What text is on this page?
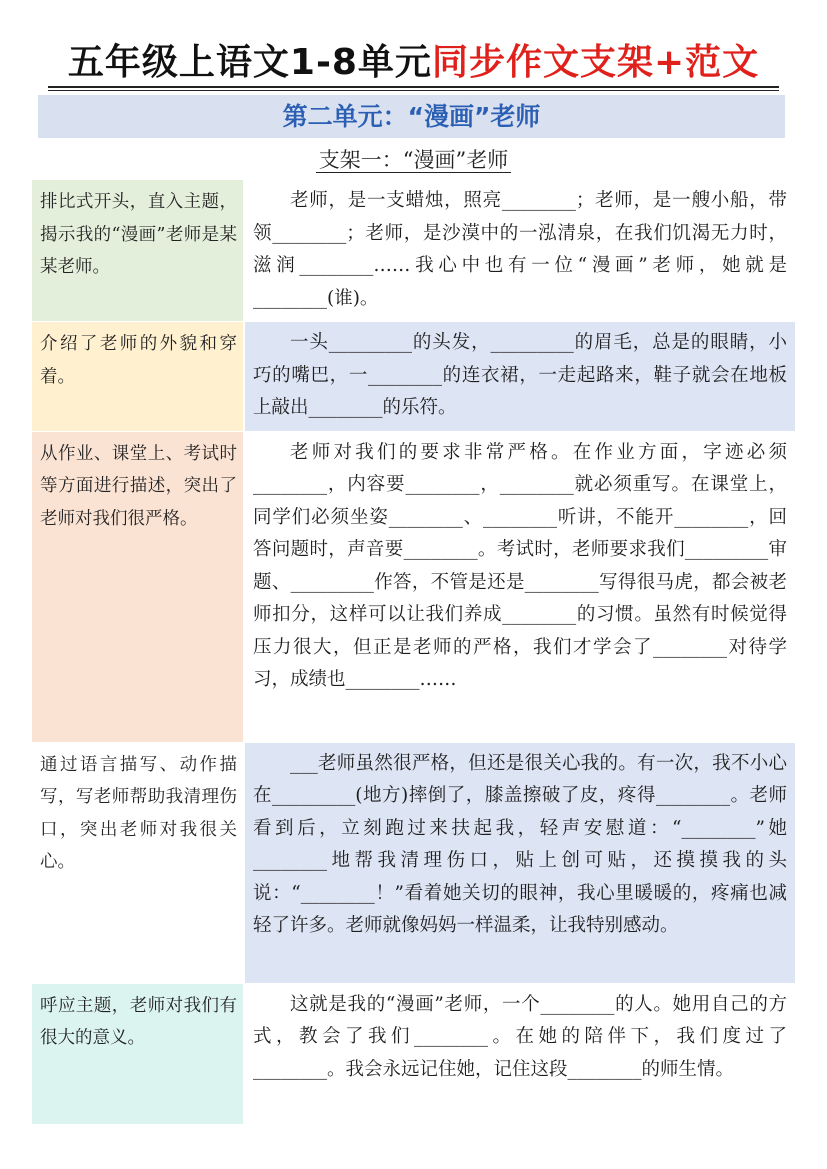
五年级上语文1-8单元同步作文支架+范文
第二单元：“漫画”老师
支架一：“漫画”老师
排比式开头，直入主题，揭示我的“漫画”老师是某某老师。	老师，是一支蜡烛，照亮________；老师，是一艘小船，带领________；老师，是沙漠中的一泓清泉，在我们饥渴无力时，滋润________……我心中也有一位“漫画”老师，她就是________(谁)。
介绍了老师的外貌和穿着。	一头_________的头发，_________的眉毛，总是的眼睛，小巧的嘴巴，一________的连衣裙，一走起路来，鞋子就会在地板上敲出________的乐符。
从作业、课堂上、考试时等方面进行描述，突出了老师对我们很严格。	老师对我们的要求非常严格。在作业方面，字迹必须________，内容要________，________就必须重写。在课堂上，同学们必须坐姿________、________听讲，不能开________，回答问题时，声音要________。考试时，老师要求我们_________审题、_________作答，不管是还是________写得很马虎，都会被老师扣分，这样可以让我们养成________的习惯。虽然有时候觉得压力很大，但正是老师的严格，我们才学会了________对待学习，成绩也________……
通过语言描写、动作描写，写老师帮助我清理伤口，突出老师对我很关心。	___老师虽然很严格，但还是很关心我的。有一次，我不小心在_________(地方)摔倒了，膝盖擦破了皮，疼得________。老师看到后，立刻跑过来扶起我，轻声安慰道：“________”她________地帮我清理伤口，贴上创可贴，还摸摸我的头说：“________！”看着她关切的眼神，我心里暖暖的，疼痛也减轻了许多。老师就像妈妈一样温柔，让我特别感动。
呼应主题，老师对我们有很大的意义。	这就是我的“漫画”老师，一个________的人。她用自己的方式，教会了我们________。在她的陪伴下，我们度过了________。我会永远记住她，记住这段________的师生情。
